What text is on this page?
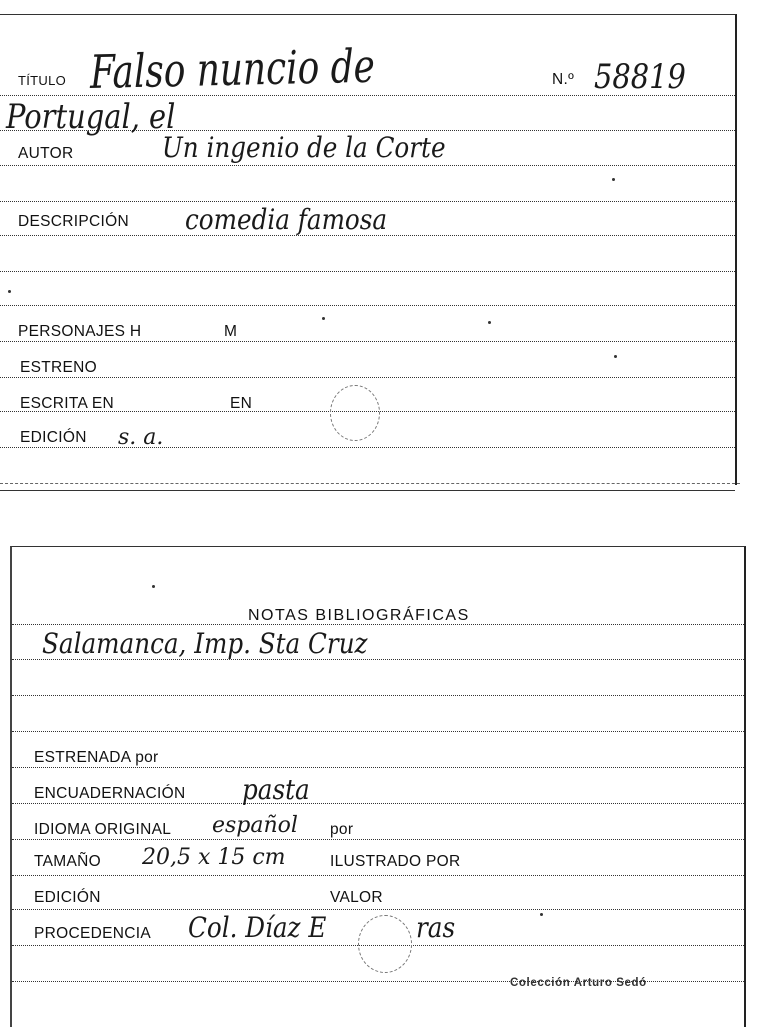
TÍTULO Falso nuncio de	N.º 58819
Portugal, el
AUTOR	Un ingenio de la Corte
DESCRIPCIÓN comedia famosa
PERSONAJES H	M
ESTRENO
ESCRITA EN	EN
EDICIÓN s. a.
NOTAS BIBLIOGRÁFICAS
Salamanca, Imp. Sta Cruz
ESTRENADA por
ENCUADERNACIÓN pasta
IDIOMA ORIGINAL español por
TAMAÑO 20,5 x 15 cm	ILUSTRADO POR
EDICIÓN	VALOR
PROCEDENCIA Col. Díaz E	ras
Colección Arturo Sedó
